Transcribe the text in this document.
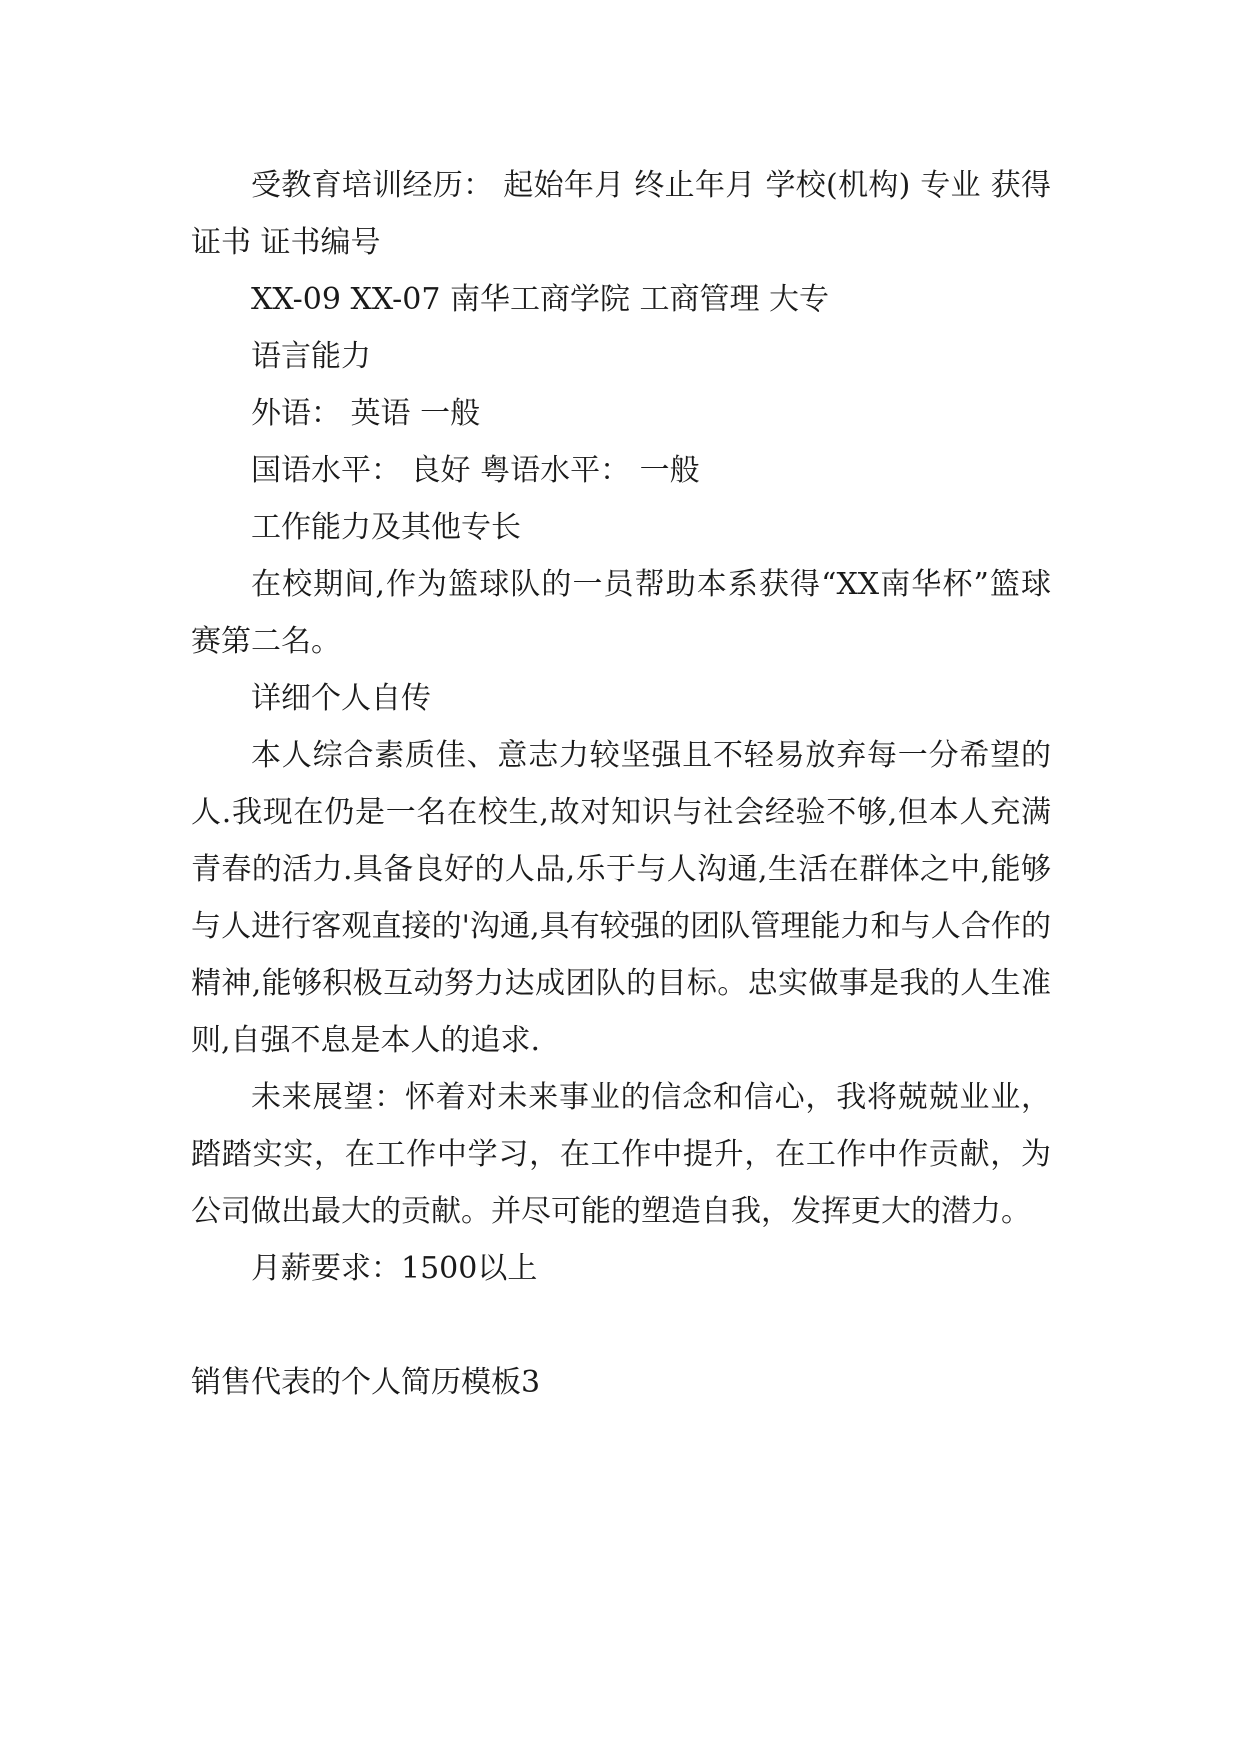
受教育培训经历： 起始年月 终止年月 学校(机构) 专业 获得证书 证书编号

XX-09 XX-07 南华工商学院 工商管理 大专

语言能力

外语： 英语 一般

国语水平： 良好 粤语水平： 一般

工作能力及其他专长

在校期间,作为篮球队的一员帮助本系获得“XX南华杯”篮球赛第二名。

详细个人自传

本人综合素质佳、意志力较坚强且不轻易放弃每一分希望的人.我现在仍是一名在校生,故对知识与社会经验不够,但本人充满青春的活力.具备良好的人品,乐于与人沟通,生活在群体之中,能够与人进行客观直接的'沟通,具有较强的团队管理能力和与人合作的精神,能够积极互动努力达成团队的目标。忠实做事是我的人生准则,自强不息是本人的追求.

未来展望：怀着对未来事业的信念和信心，我将兢兢业业，踏踏实实，在工作中学习，在工作中提升，在工作中作贡献，为公司做出最大的贡献。并尽可能的塑造自我，发挥更大的潜力。

月薪要求：1500以上

销售代表的个人简历模板3
